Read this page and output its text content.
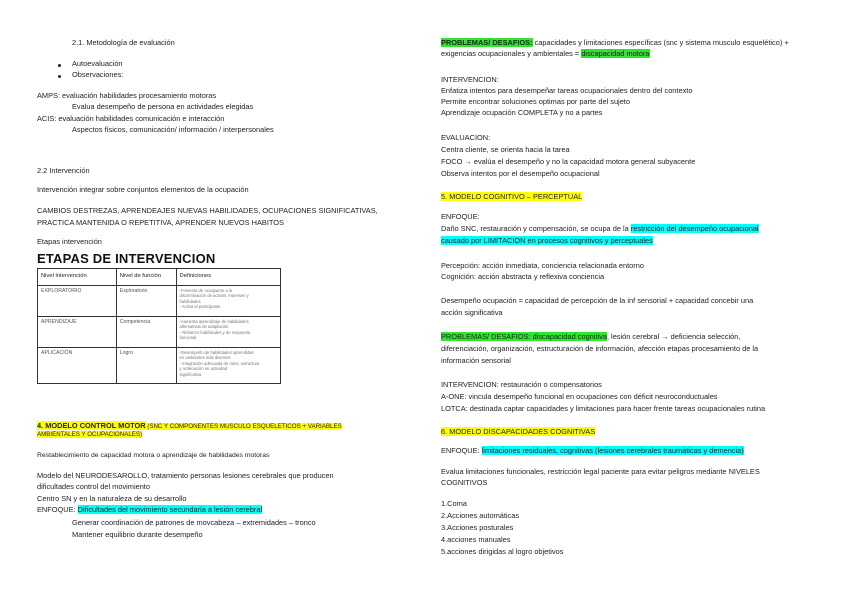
2.1. Metodología de evaluación
Autoevaluación
Observaciones:
AMPS: evaluación habilidades procesamiento motoras
Evalua desempeño de persona en actividades elegidas
ACIS: evaluación habilidades comunicación e interacción
Aspectos físicos, comunicación/ información / interpersonales
2.2 Intervención
Intervención integrar sobre conjuntos elementos de la ocupación
CAMBIOS DESTREZAS, APRENDEAJES NUEVAS HABILIDADES, OCUPACIONES SIGNIFICATIVAS,
PRACTICA MANTENIDA O REPETITIVA, APRENDER NUEVOS HABITOS
Etapas intervención
ETAPAS DE INTERVENCION
Nivel intervención	Nivel de función	Definiciones
EXPLORATORIO	Exploratorio	-Fomenta de ocuaparon a la
discriminación de activos, intereses y
habilidades
- Activa el participante

APRENDIZAJE	Competencia	-Aumenta aprendizaje de habilidades
alternativas de adaptación
- Refuerzo habilidades y de respuesta
funcional

APLICACIÓN	Logro	-Desempeño de habilidades aprendidas
en ambientes más diversos
- Integración adecuada de roles, estructura
y ordenación en actividad
significativa
4. MODELO CONTROL MOTOR (SNC Y COMPONENTES MUSCULO ESQUELETICOS + VARIABLES
AMBIENTALES Y OCUPACIONALES)
Restablecimiento de capacidad motora o aprendizaje de habilidades motoras
Modelo del NEURODESAROLLO, tratamiento personas lesiones cerebrales que producen
dificultades control del movimiento
Centro SN y en la naturaleza de su desarrollo
ENFOQUE: Dificultades del movimiento secundaria a lesión cerebral
Generar coordinación de patrones de movcabeza – extremidades – tronco
Mantener equilibrio durante desempeño
PROBLEMAS/ DESAFIOS: capacidades y limitaciones específicas (snc y sistema musculo esquelético) +
exigencias ocupacionales y ambientales = discapacidad motora
INTERVENCION:
Enfatiza intentos para desempeñar tareas ocupacionales dentro del contexto
Permite encontrar soluciones optimas por parte del sujeto
Aprendizaje ocupación COMPLETA y no a partes
EVALUACION:
Centra cliente, se orienta hacia la tarea
FOCO → evalúa el desempeño y no la capacidad motora general subyacente
Observa intentos por el desempeño ocupacional
5. MODELO COGNITIVO – PERCEPTUAL
ENFOQUE:
Daño SNC, restauración y compensación, se ocupa de la restricción del desempeño ocupacional
causado por LIMITACION en procesos cognitivos y perceptuales
Percepción: acción inmediata, conciencia relacionada entorno
Cognición: acción abstracta y reflexiva conciencia
Desempeño ocupación = capacidad de percepción de la inf sensorial + capacidad concebir una
acción significativa
PROBLEMAS/ DESAFIOS: discapacidad cognitiva, lesión cerebral → deficiencia selección,
diferenciación, organización, estructuración de información, afección etapas procesamiento de la
información sensorial
INTERVENCION: restauración o compensatorios
A-ONE: vincula desempeño funcional en ocupaciones con déficit neuroconductuales
LOTCA: destinada captar capacidades y limitaciones para hacer frente tareas ocupacionales rutina
6. MODELO DISCAPACIDADES COGNITIVAS
ENFOQUE: limitaciones residuales, cognitivas (lesiones cerebrales traumáticas y demencia)
Evalua limitaciones funcionales, restricción legal paciente para evitar peligros mediante NIVELES
COGNITIVOS
1.Coma
2.Acciones automáticas
3.Acciones posturales
4.acciones manuales
5.acciones dirigidas al logro objetivos
